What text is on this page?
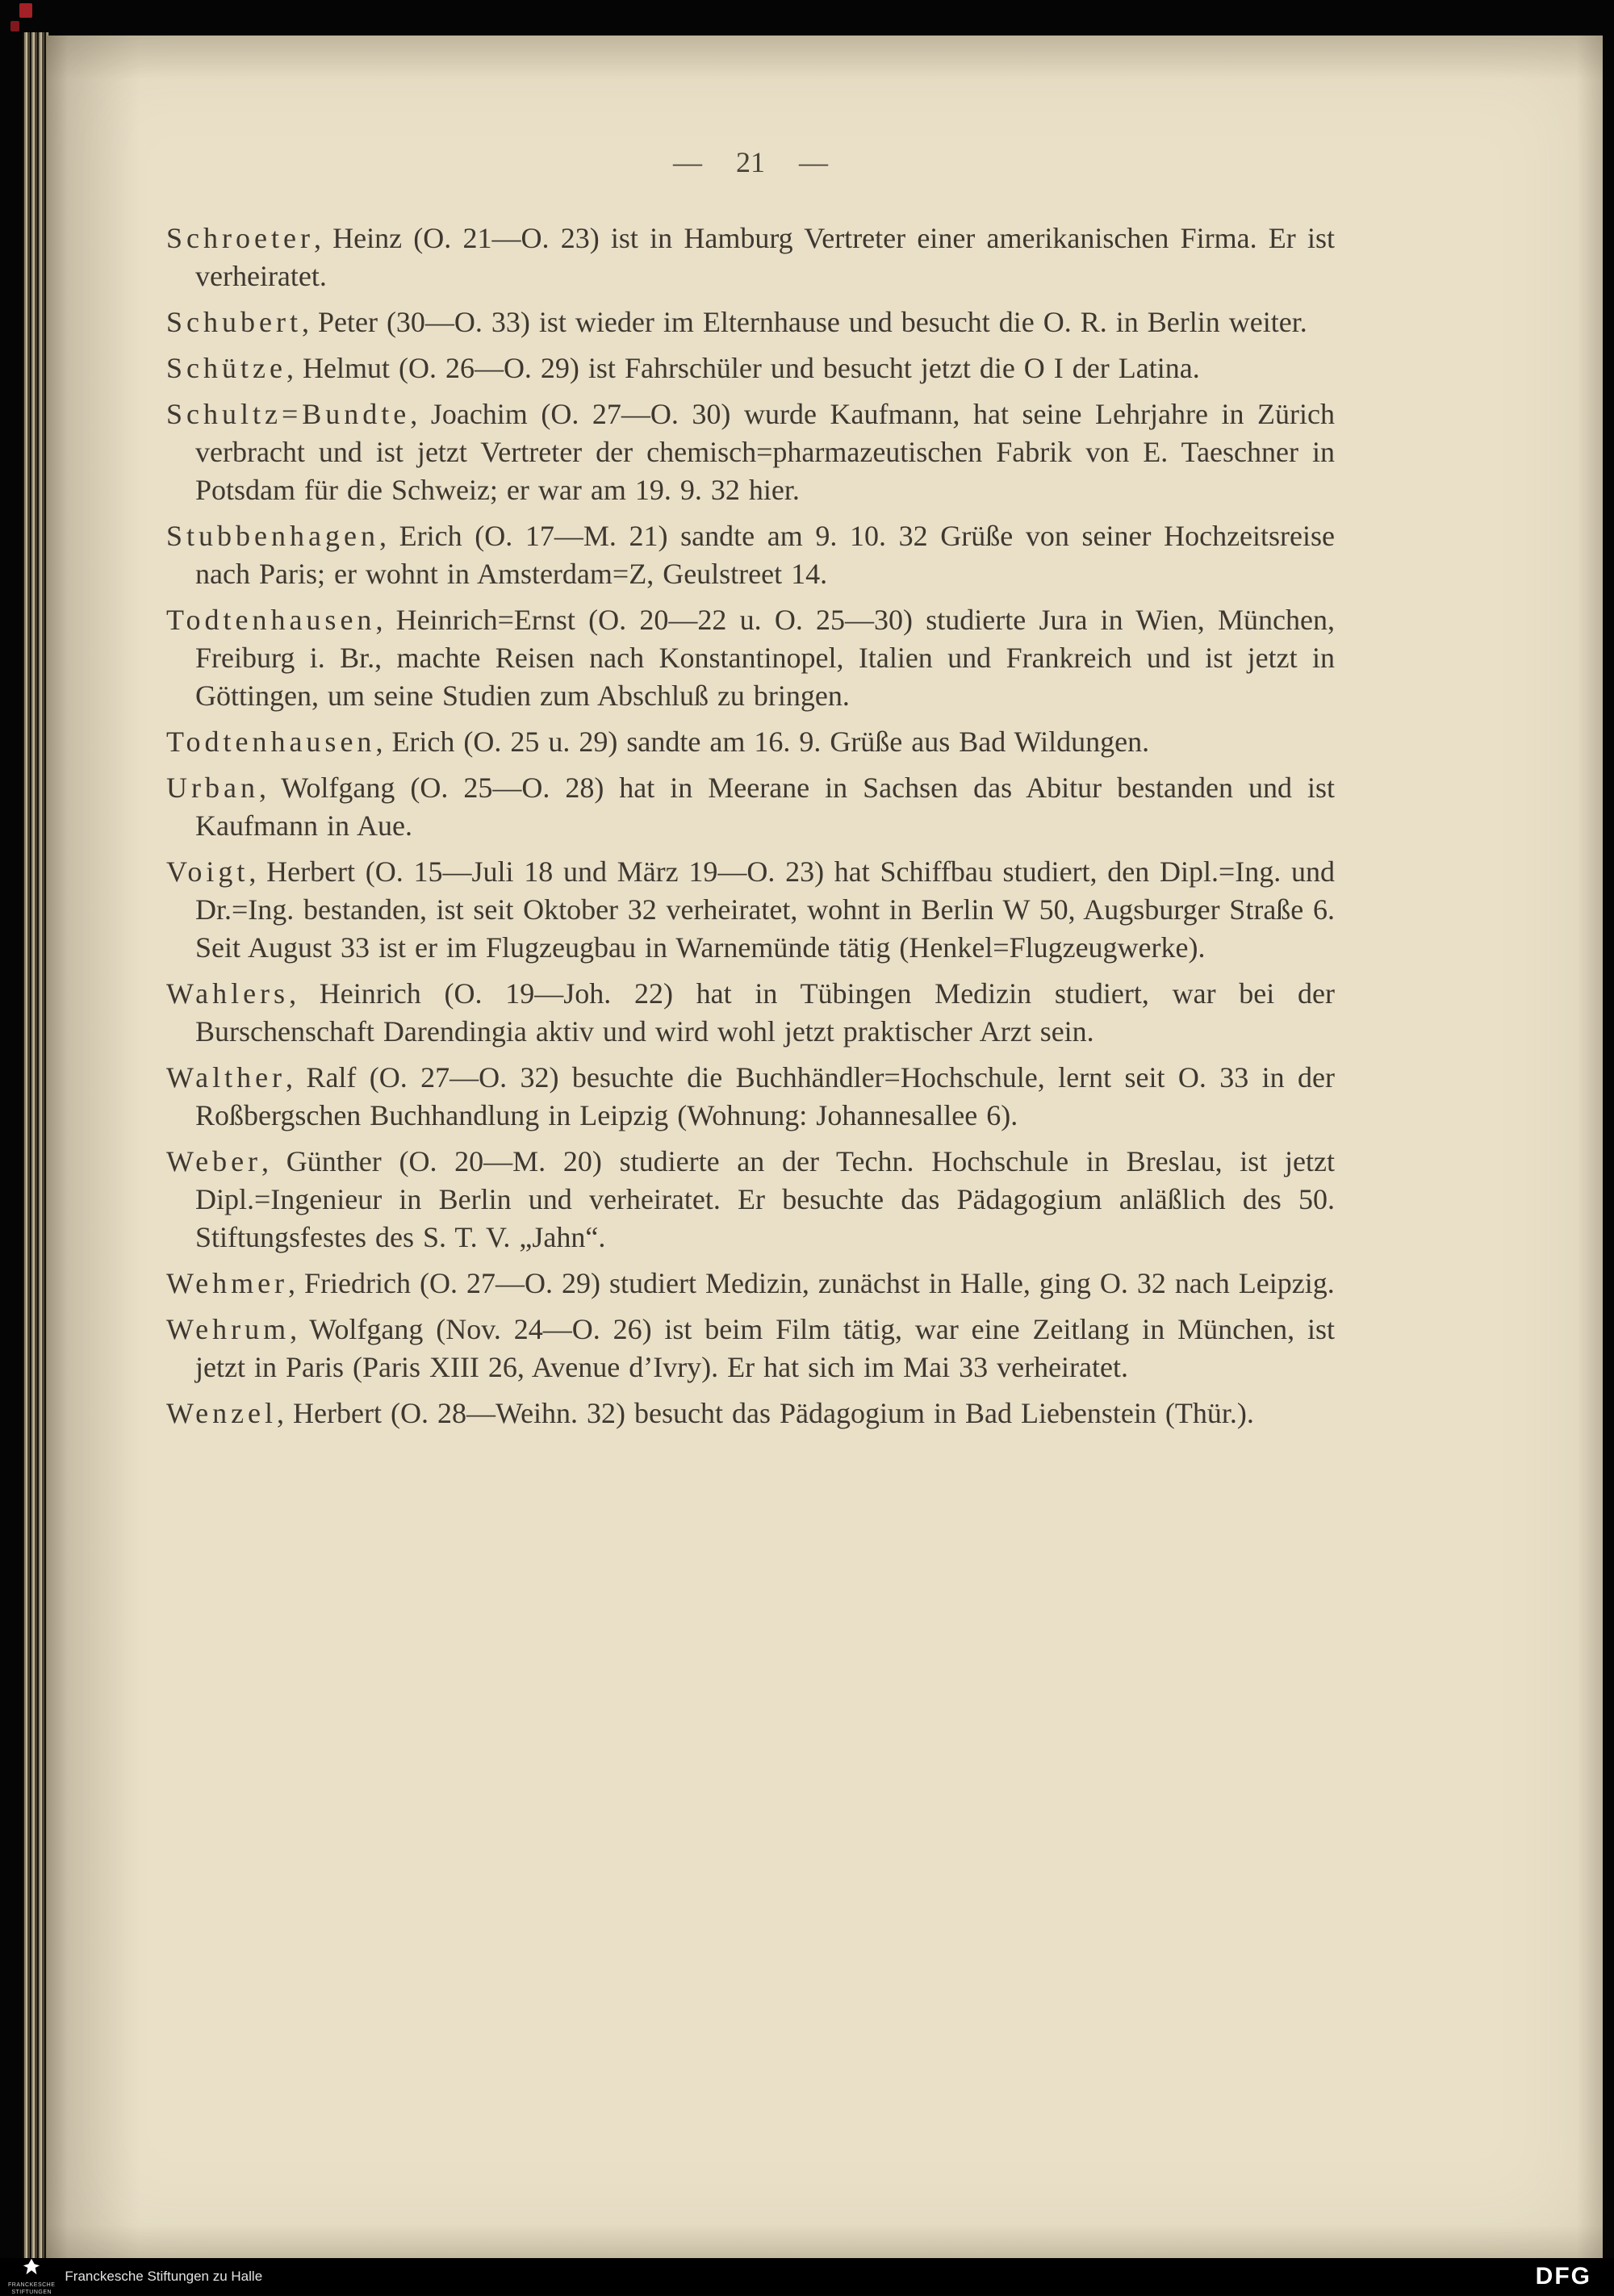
— 21 —

Schroeter, Heinz (O. 21—O. 23) ist in Hamburg Vertreter einer amerikanischen Firma. Er ist verheiratet.

Schubert, Peter (30—O. 33) ist wieder im Elternhause und besucht die O. R. in Berlin weiter.

Schütze, Helmut (O. 26—O. 29) ist Fahrschüler und besucht jetzt die O I der Latina.

Schultz=Bundte, Joachim (O. 27—O. 30) wurde Kaufmann, hat seine Lehrjahre in Zürich verbracht und ist jetzt Vertreter der chemisch=pharmazeutischen Fabrik von E. Taeschner in Potsdam für die Schweiz; er war am 19. 9. 32 hier.

Stubbenhagen, Erich (O. 17—M. 21) sandte am 9. 10. 32 Grüße von seiner Hochzeitsreise nach Paris; er wohnt in Amsterdam=Z, Geulstreet 14.

Todtenhausen, Heinrich=Ernst (O. 20—22 u. O. 25—30) studierte Jura in Wien, München, Freiburg i. Br., machte Reisen nach Konstantinopel, Italien und Frankreich und ist jetzt in Göttingen, um seine Studien zum Abschluß zu bringen.

Todtenhausen, Erich (O. 25 u. 29) sandte am 16. 9. Grüße aus Bad Wildungen.

Urban, Wolfgang (O. 25—O. 28) hat in Meerane in Sachsen das Abitur bestanden und ist Kaufmann in Aue.

Voigt, Herbert (O. 15—Juli 18 und März 19—O. 23) hat Schiffbau studiert, den Dipl.=Ing. und Dr.=Ing. bestanden, ist seit Oktober 32 verheiratet, wohnt in Berlin W 50, Augsburger Straße 6. Seit August 33 ist er im Flugzeugbau in Warnemünde tätig (Henkel=Flugzeugwerke).

Wahlers, Heinrich (O. 19—Joh. 22) hat in Tübingen Medizin studiert, war bei der Burschenschaft Darendingia aktiv und wird wohl jetzt praktischer Arzt sein.

Walther, Ralf (O. 27—O. 32) besuchte die Buchhändler=Hochschule, lernt seit O. 33 in der Roßbergschen Buchhandlung in Leipzig (Wohnung: Johannesallee 6).

Weber, Günther (O. 20—M. 20) studierte an der Techn. Hochschule in Breslau, ist jetzt Dipl.=Ingenieur in Berlin und verheiratet. Er besuchte das Pädagogium anläßlich des 50. Stiftungsfestes des S. T. V. „Jahn“.

Wehmer, Friedrich (O. 27—O. 29) studiert Medizin, zunächst in Halle, ging O. 32 nach Leipzig.

Wehrum, Wolfgang (Nov. 24—O. 26) ist beim Film tätig, war eine Zeitlang in München, ist jetzt in Paris (Paris XIII 26, Avenue d’Ivry). Er hat sich im Mai 33 verheiratet.

Wenzel, Herbert (O. 28—Weihn. 32) besucht das Pädagogium in Bad Liebenstein (Thür.).

FRANCKESCHE
STIFTUNGEN
Franckesche Stiftungen zu Halle	DFG
